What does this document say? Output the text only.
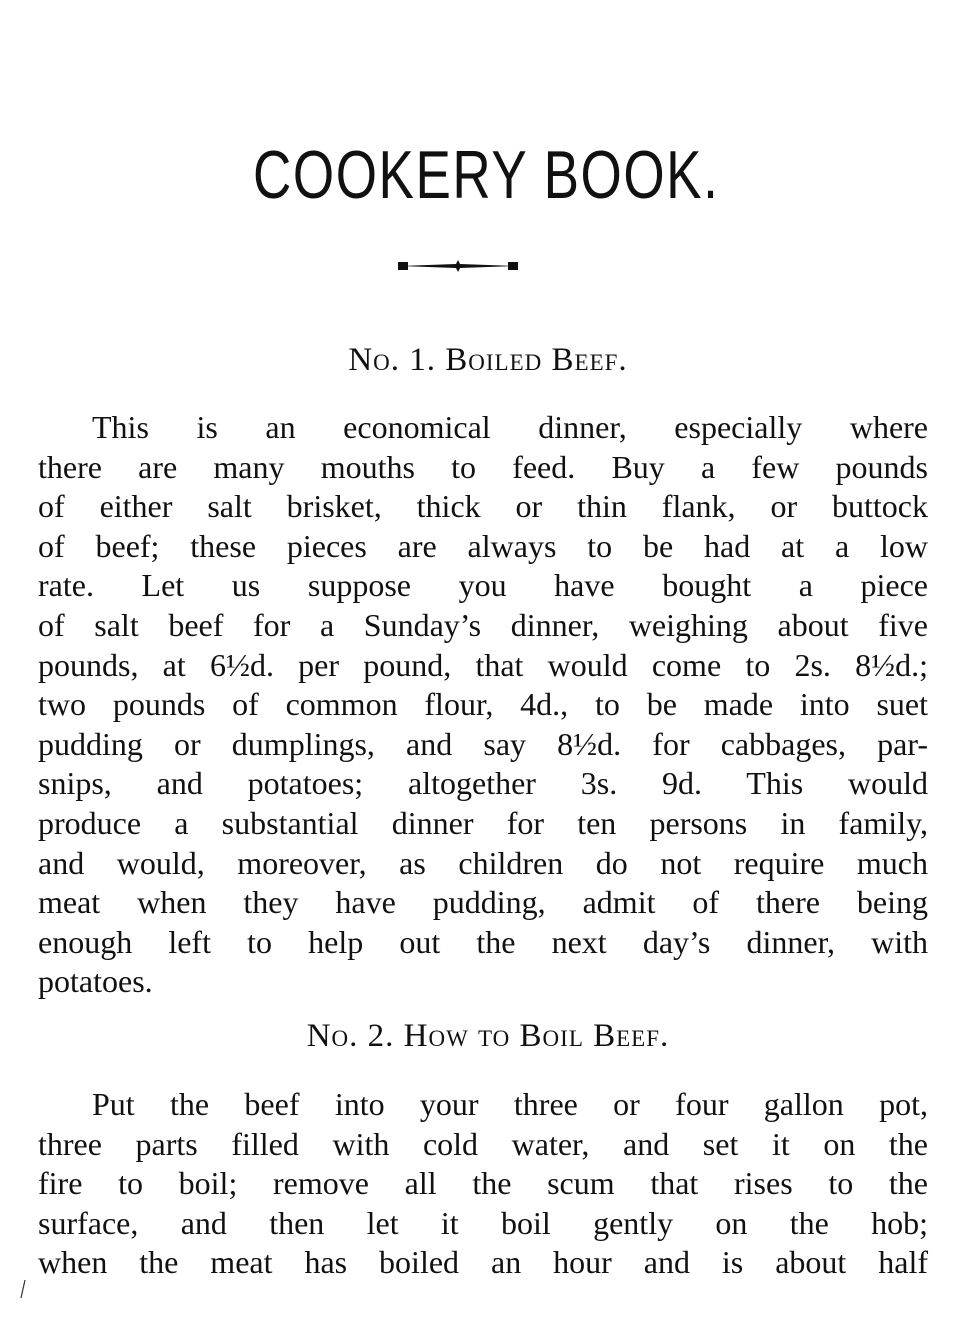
COOKERY BOOK.
No. 1. Boiled Beef.
This is an economical dinner, especially where
there are many mouths to feed. Buy a few pounds
of either salt brisket, thick or thin flank, or buttock
of beef; these pieces are always to be had at a low
rate. Let us suppose you have bought a piece
of salt beef for a Sunday’s dinner, weighing about five
pounds, at 6½d. per pound, that would come to 2s. 8½d.;
two pounds of common flour, 4d., to be made into suet
pudding or dumplings, and say 8½d. for cabbages, par-
snips, and potatoes; altogether 3s. 9d. This would
produce a substantial dinner for ten persons in family,
and would, moreover, as children do not require much
meat when they have pudding, admit of there being
enough left to help out the next day’s dinner, with
potatoes.
No. 2. How to Boil Beef.
Put the beef into your three or four gallon pot,
three parts filled with cold water, and set it on the
fire to boil; remove all the scum that rises to the
surface, and then let it boil gently on the hob;
when the meat has boiled an hour and is about half
